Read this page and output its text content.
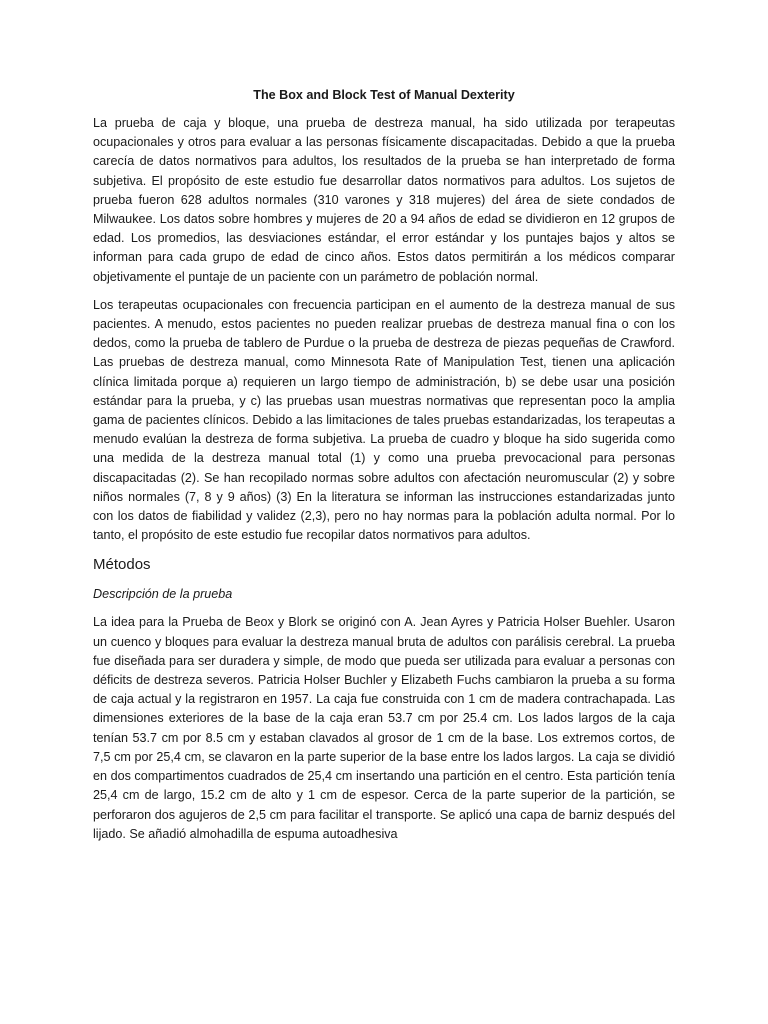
The Box and Block Test of Manual Dexterity

La prueba de caja y bloque, una prueba de destreza manual, ha sido utilizada por terapeutas ocupacionales y otros para evaluar a las personas físicamente discapacitadas. Debido a que la prueba carecía de datos normativos para adultos, los resultados de la prueba se han interpretado de forma subjetiva. El propósito de este estudio fue desarrollar datos normativos para adultos. Los sujetos de prueba fueron 628 adultos normales (310 varones y 318 mujeres) del área de siete condados de Milwaukee. Los datos sobre hombres y mujeres de 20 a 94 años de edad se dividieron en 12 grupos de edad. Los promedios, las desviaciones estándar, el error estándar y los puntajes bajos y altos se informan para cada grupo de edad de cinco años. Estos datos permitirán a los médicos comparar objetivamente el puntaje de un paciente con un parámetro de población normal.

Los terapeutas ocupacionales con frecuencia participan en el aumento de la destreza manual de sus pacientes. A menudo, estos pacientes no pueden realizar pruebas de destreza manual fina o con los dedos, como la prueba de tablero de Purdue o la prueba de destreza de piezas pequeñas de Crawford. Las pruebas de destreza manual, como Minnesota Rate of Manipulation Test, tienen una aplicación clínica limitada porque a) requieren un largo tiempo de administración, b) se debe usar una posición estándar para la prueba, y c) las pruebas usan muestras normativas que representan poco la amplia gama de pacientes clínicos. Debido a las limitaciones de tales pruebas estandarizadas, los terapeutas a menudo evalúan la destreza de forma subjetiva. La prueba de cuadro y bloque ha sido sugerida como una medida de la destreza manual total (1) y como una prueba prevocacional para personas discapacitadas (2). Se han recopilado normas sobre adultos con afectación neuromuscular (2) y sobre niños normales (7, 8 y 9 años) (3) En la literatura se informan las instrucciones estandarizadas junto con los datos de fiabilidad y validez (2,3), pero no hay normas para la población adulta normal. Por lo tanto, el propósito de este estudio fue recopilar datos normativos para adultos.

Métodos
Descripción de la prueba

La idea para la Prueba de Beox y Blork se originó con A. Jean Ayres y Patricia Holser Buehler. Usaron un cuenco y bloques para evaluar la destreza manual bruta de adultos con parálisis cerebral. La prueba fue diseñada para ser duradera y simple, de modo que pueda ser utilizada para evaluar a personas con déficits de destreza severos. Patricia Holser Buchler y Elizabeth Fuchs cambiaron la prueba a su forma de caja actual y la registraron en 1957. La caja fue construida con 1 cm de madera contrachapada. Las dimensiones exteriores de la base de la caja eran 53.7 cm por 25.4 cm. Los lados largos de la caja tenían 53.7 cm por 8.5 cm y estaban clavados al grosor de 1 cm de la base. Los extremos cortos, de 7,5 cm por 25,4 cm, se clavaron en la parte superior de la base entre los lados largos. La caja se dividió en dos compartimentos cuadrados de 25,4 cm insertando una partición en el centro. Esta partición tenía 25,4 cm de largo, 15.2 cm de alto y 1 cm de espesor. Cerca de la parte superior de la partición, se perforaron dos agujeros de 2,5 cm para facilitar el transporte. Se aplicó una capa de barniz después del lijado. Se añadió almohadilla de espuma autoadhesiva
